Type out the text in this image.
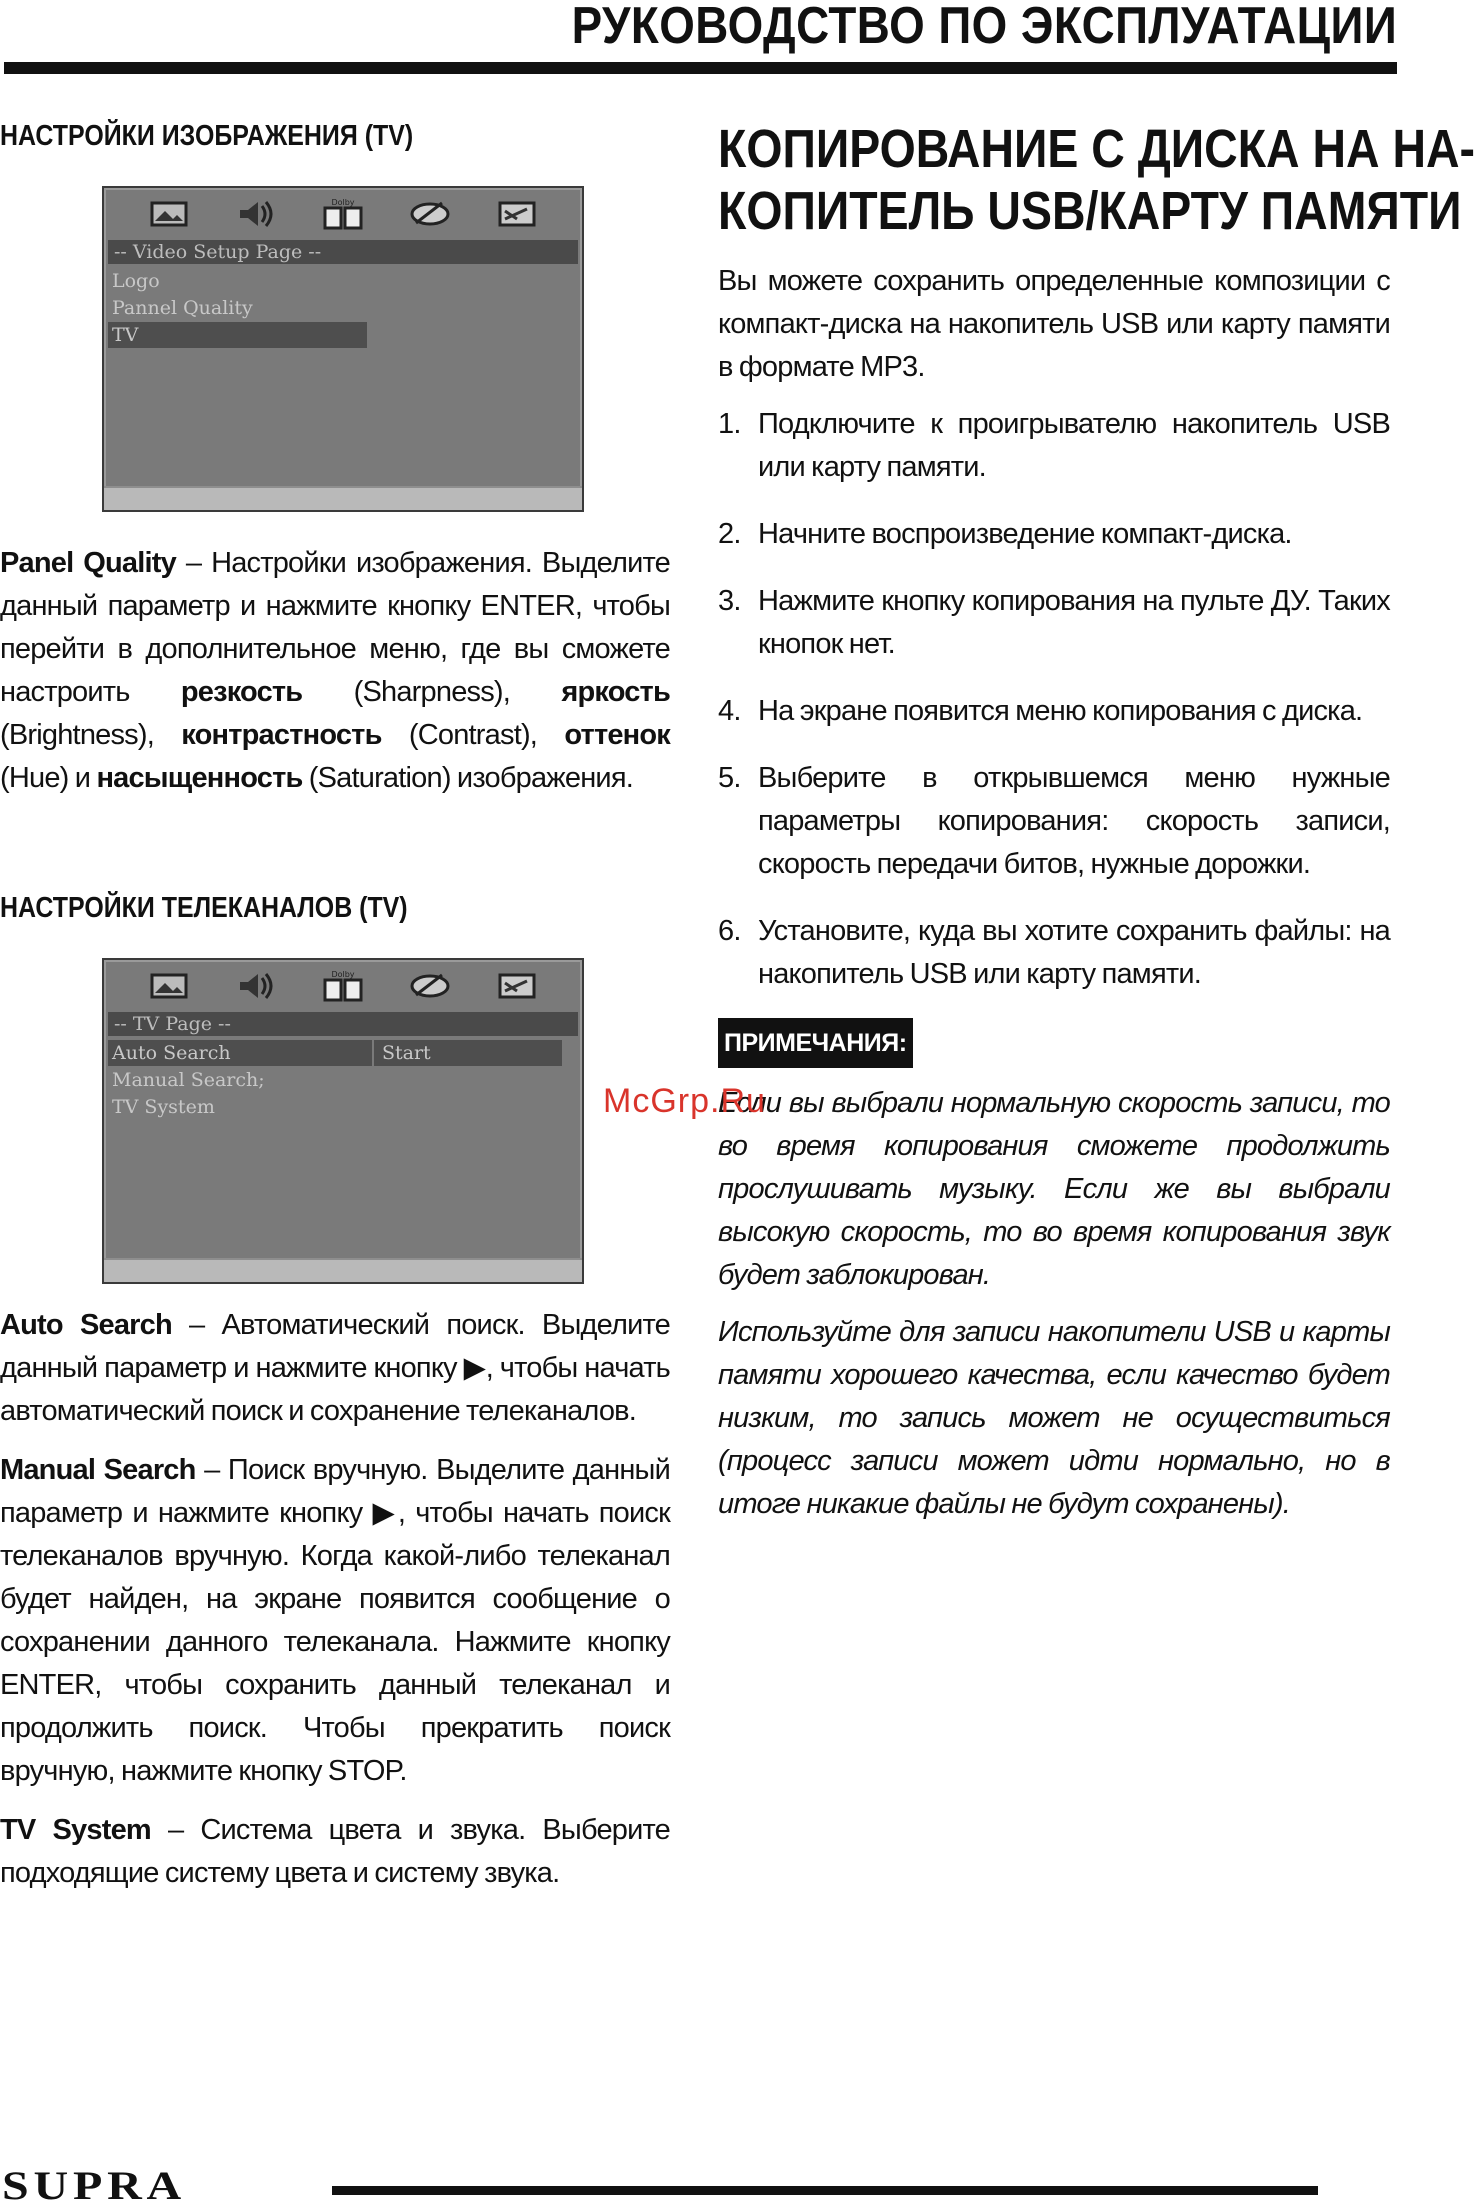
РУКОВОДСТВО ПО ЭКСПЛУАТАЦИИ
НАСТРОЙКИ ИЗОБРАЖЕНИЯ (TV)
Dolby
-- Video Setup Page --
Logo
Pannel Quality
TV

Panel Quality – Настройки изображения. Выделите данный параметр и нажмите кнопку ENTER, чтобы перейти в дополнительное меню, где вы сможете настроить резкость (Sharpness), яркость (Brightness), контрастность (Contrast), оттенок (Hue) и насыщенность (Saturation) изображения.

НАСТРОЙКИ ТЕЛЕКАНАЛОВ (TV)
Dolby
-- TV Page --
Auto Search	Start
Manual Search;
TV System

Auto Search – Автоматический поиск. Выделите данный параметр и нажмите кнопку ▶, чтобы начать автоматический поиск и сохранение телеканалов.

Manual Search – Поиск вручную. Выделите данный параметр и нажмите кнопку ▶, чтобы начать поиск телеканалов вручную. Когда какой-либо телеканал будет найден, на экране появится сообщение о сохранении данного телеканала. Нажмите кнопку ENTER, чтобы сохранить данный телеканал и продолжить поиск. Чтобы прекратить поиск вручную, нажмите кнопку STOP.

TV System – Система цвета и звука. Выберите подходящие систему цвета и систему звука.

КОПИРОВАНИЕ С ДИСКА НА НА-
КОПИТЕЛЬ USB/КАРТУ ПАМЯТИ

Вы можете сохранить определенные композиции с компакт-диска на накопитель USB или карту памяти в формате MP3.

1. Подключите к проигрывателю накопитель USB или карту памяти.
2. Начните воспроизведение компакт-диска.
3. Нажмите кнопку копирования на пульте ДУ. Таких кнопок нет.
4. На экране появится меню копирования с диска.
5. Выберите в открывшемся меню нужные параметры копирования: скорость записи, скорость передачи битов, нужные дорожки.
6. Установите, куда вы хотите сохранить файлы: на накопитель USB или карту памяти.
ПРИМЕЧАНИЯ:

Если вы выбрали нормальную скорость записи, то во время копирования сможете продолжить прослушивать музыку. Если же вы выбрали высокую скорость, то во время копирования звук будет заблокирован.

Используйте для записи накопители USB и карты памяти хорошего качества, если качество будет низким, то запись может не осуществиться (процесс записи может идти нормально, но в итоге никакие файлы не будут сохранены).

McGrp.Ru
SUPRA
